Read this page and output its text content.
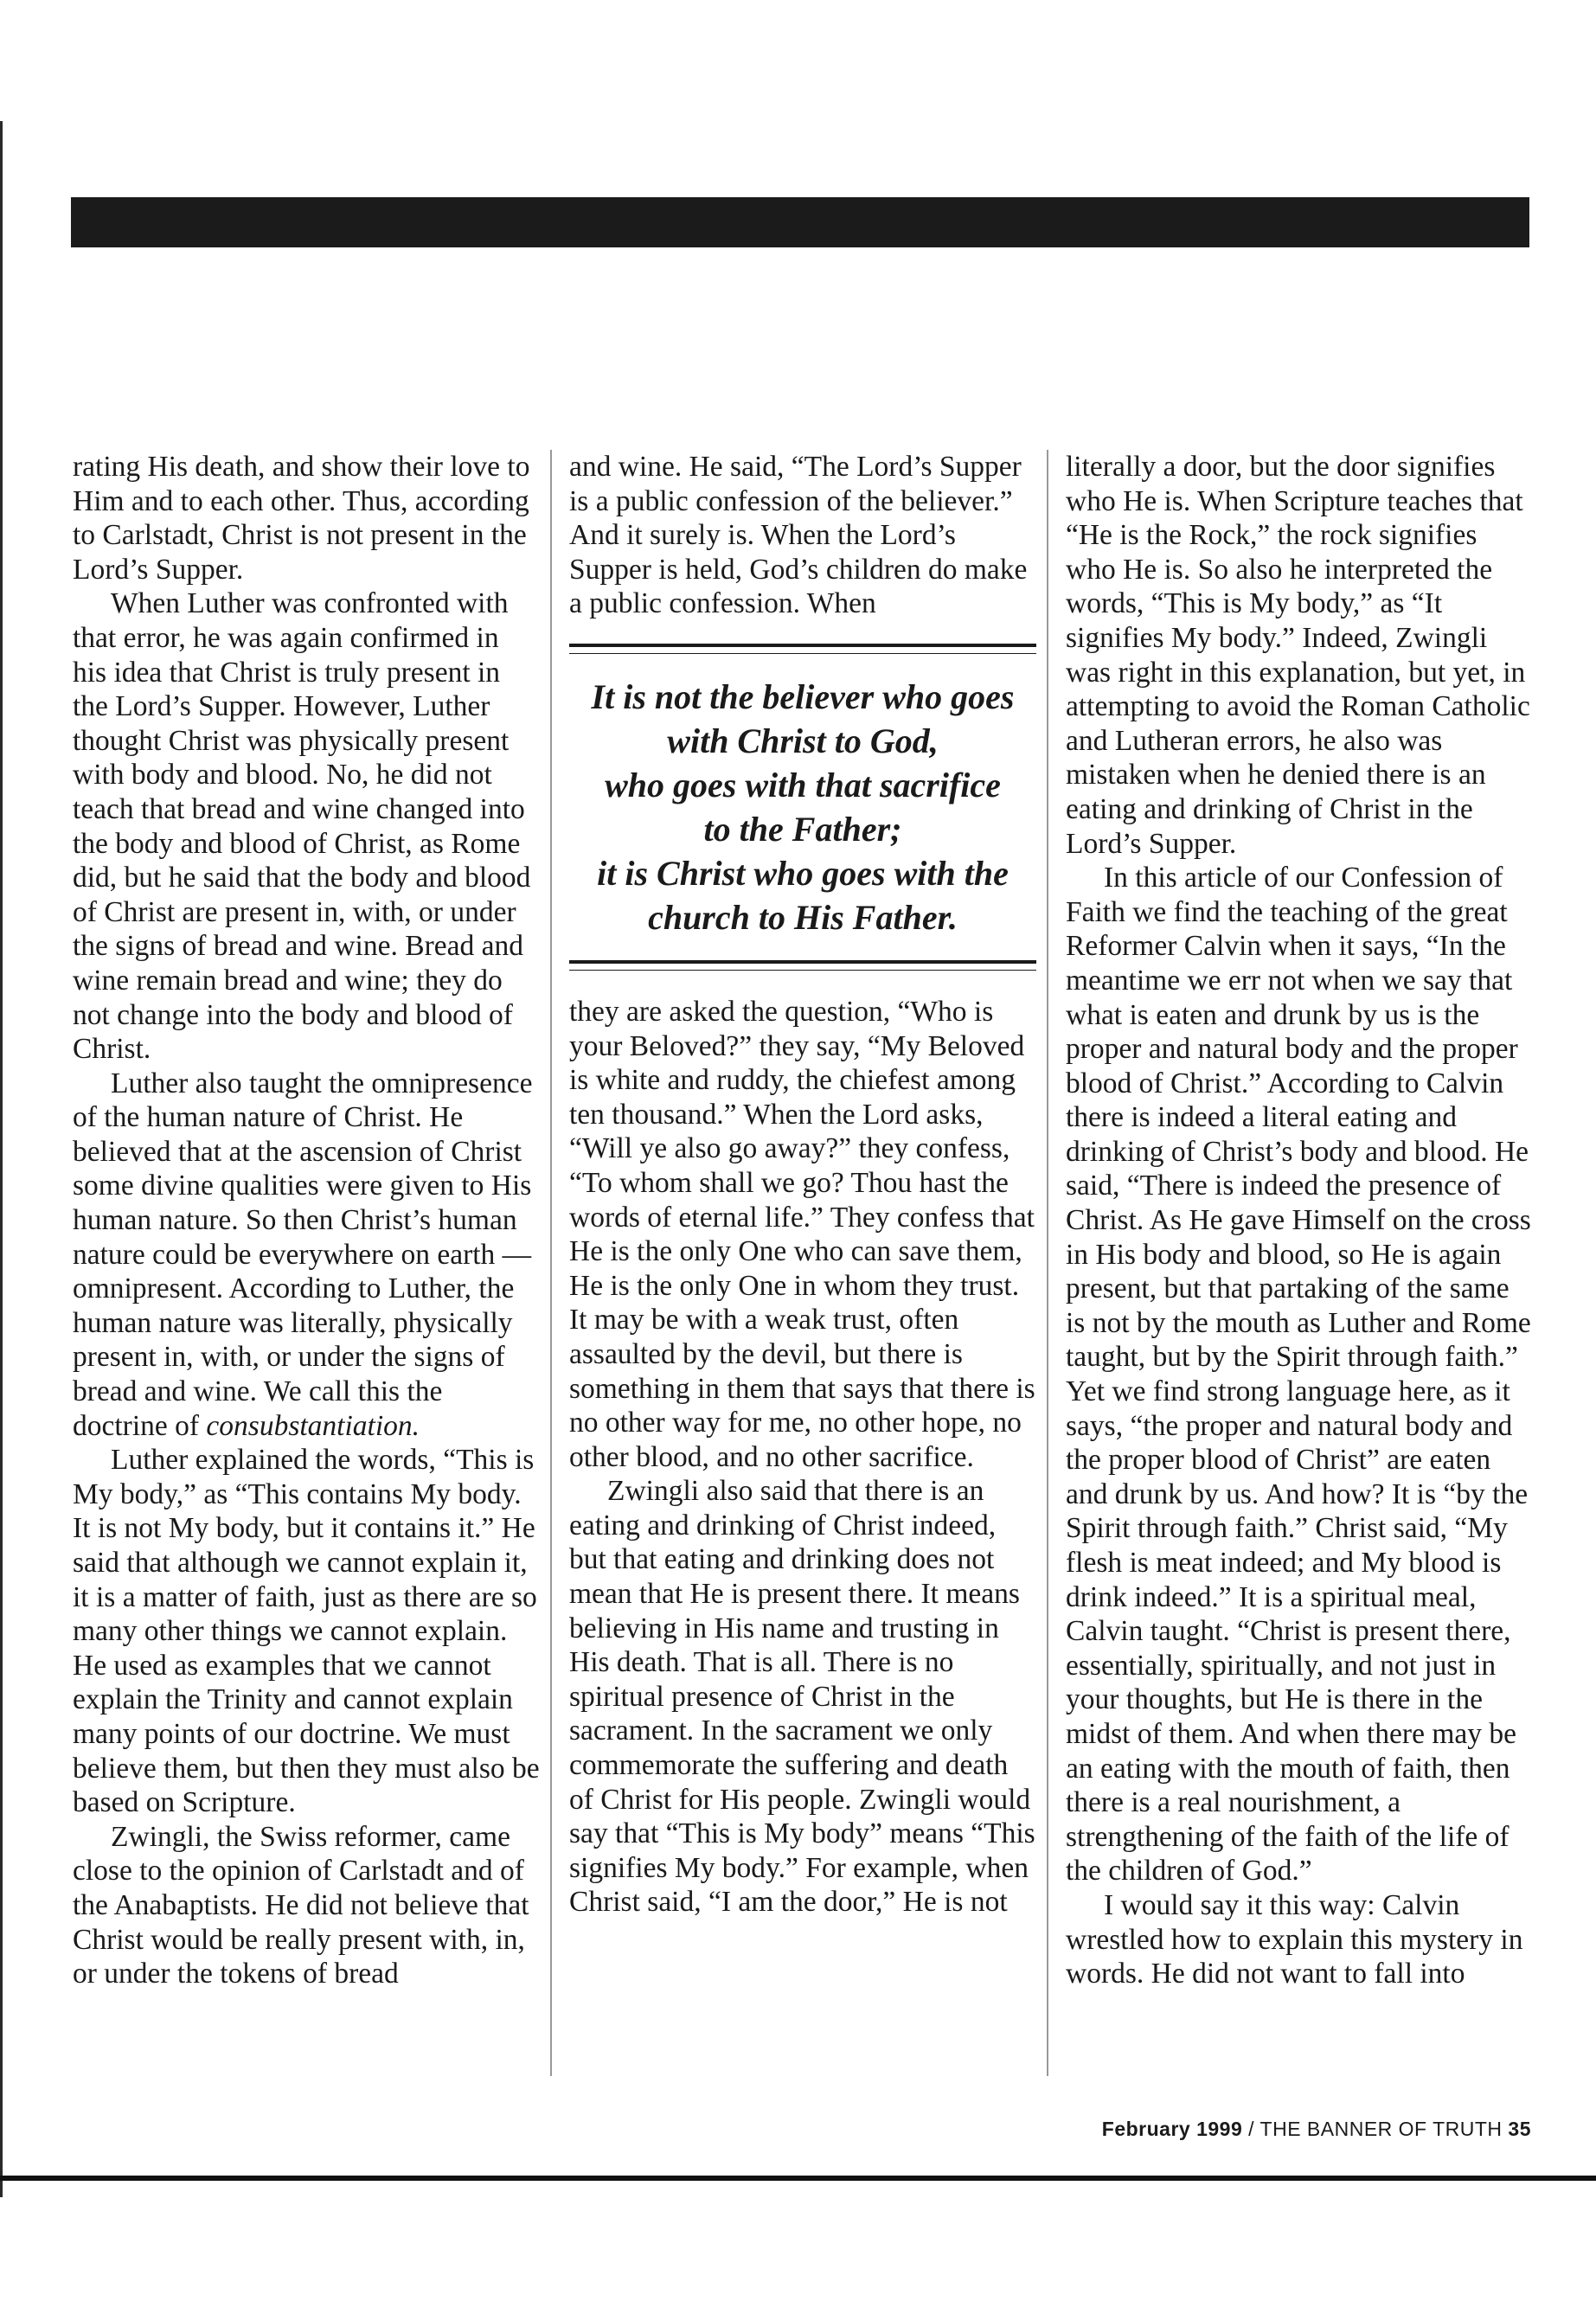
rating His death, and show their love to Him and to each other. Thus, according to Carlstadt, Christ is not present in the Lord’s Supper.

When Luther was confronted with that error, he was again confirmed in his idea that Christ is truly present in the Lord’s Supper. However, Luther thought Christ was physically present with body and blood. No, he did not teach that bread and wine changed into the body and blood of Christ, as Rome did, but he said that the body and blood of Christ are present in, with, or under the signs of bread and wine. Bread and wine remain bread and wine; they do not change into the body and blood of Christ.

Luther also taught the omnipresence of the human nature of Christ. He believed that at the ascension of Christ some divine qualities were given to His human nature. So then Christ’s human nature could be everywhere on earth — omnipresent. According to Luther, the human nature was literally, physically present in, with, or under the signs of bread and wine. We call this the doctrine of consubstantiation.

Luther explained the words, “This is My body,” as “This contains My body. It is not My body, but it contains it.” He said that although we cannot explain it, it is a matter of faith, just as there are so many other things we cannot explain. He used as examples that we cannot explain the Trinity and cannot explain many points of our doctrine. We must believe them, but then they must also be based on Scripture.

Zwingli, the Swiss reformer, came close to the opinion of Carlstadt and of the Anabaptists. He did not believe that Christ would be really present with, in, or under the tokens of bread

and wine. He said, “The Lord’s Supper is a public confession of the believer.” And it surely is. When the Lord’s Supper is held, God’s children do make a public confession. When

It is not the believer who goes
with Christ to God,
who goes with that sacrifice
to the Father;
it is Christ who goes with the
church to His Father.

they are asked the question, “Who is your Beloved?” they say, “My Beloved is white and ruddy, the chiefest among ten thousand.” When the Lord asks, “Will ye also go away?” they confess, “To whom shall we go? Thou hast the words of eternal life.” They confess that He is the only One who can save them, He is the only One in whom they trust. It may be with a weak trust, often assaulted by the devil, but there is something in them that says that there is no other way for me, no other hope, no other blood, and no other sacrifice.

Zwingli also said that there is an eating and drinking of Christ indeed, but that eating and drinking does not mean that He is present there. It means believing in His name and trusting in His death. That is all. There is no spiritual presence of Christ in the sacrament. In the sacrament we only commemorate the suffering and death of Christ for His people. Zwingli would say that “This is My body” means “This signifies My body.” For example, when Christ said, “I am the door,” He is not

literally a door, but the door signifies who He is. When Scripture teaches that “He is the Rock,” the rock signifies who He is. So also he interpreted the words, “This is My body,” as “It signifies My body.” Indeed, Zwingli was right in this explanation, but yet, in attempting to avoid the Roman Catholic and Lutheran errors, he also was mistaken when he denied there is an eating and drinking of Christ in the Lord’s Supper.

In this article of our Confession of Faith we find the teaching of the great Reformer Calvin when it says, “In the meantime we err not when we say that what is eaten and drunk by us is the proper and natural body and the proper blood of Christ.” According to Calvin there is indeed a literal eating and drinking of Christ’s body and blood. He said, “There is indeed the presence of Christ. As He gave Himself on the cross in His body and blood, so He is again present, but that partaking of the same is not by the mouth as Luther and Rome taught, but by the Spirit through faith.” Yet we find strong language here, as it says, “the proper and natural body and the proper blood of Christ” are eaten and drunk by us. And how? It is “by the Spirit through faith.” Christ said, “My flesh is meat indeed; and My blood is drink indeed.” It is a spiritual meal, Calvin taught. “Christ is present there, essentially, spiritually, and not just in your thoughts, but He is there in the midst of them. And when there may be an eating with the mouth of faith, then there is a real nourishment, a strengthening of the faith of the life of the children of God.”

I would say it this way: Calvin wrestled how to explain this mystery in words. He did not want to fall into

February 1999 / THE BANNER OF TRUTH 35
